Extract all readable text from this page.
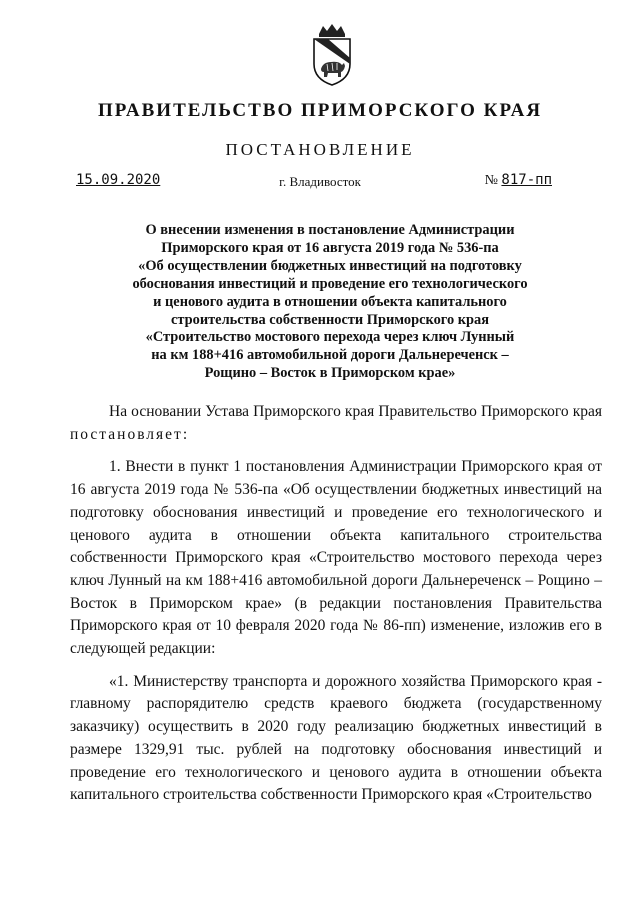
ПРАВИТЕЛЬСТВО ПРИМОРСКОГО КРАЯ
ПОСТАНОВЛЕНИЕ
15.09.2020	г. Владивосток	№ 817-пп
О внесении изменения в постановление Администрации
Приморского края от 16 августа 2019 года № 536-па
«Об осуществлении бюджетных инвестиций на подготовку
обоснования инвестиций и проведение его технологического
и ценового аудита в отношении объекта капитального
строительства собственности Приморского края
«Строительство мостового перехода через ключ Лунный
на км 188+416 автомобильной дороги Дальнереченск –
Рощино – Восток в Приморском крае»

На основании Устава Приморского края Правительство Приморского края постановляет:

1. Внести в пункт 1 постановления Администрации Приморского края от 16 августа 2019 года № 536-па «Об осуществлении бюджетных инвестиций на подготовку обоснования инвестиций и проведение его технологического и ценового аудита в отношении объекта капитального строительства собственности Приморского края «Строительство мостового перехода через ключ Лунный на км 188+416 автомобильной дороги Дальнереченск – Рощино – Восток в Приморском крае» (в редакции постановления Правительства Приморского края от 10 февраля 2020 года № 86-пп) изменение, изложив его в следующей редакции:

«1. Министерству транспорта и дорожного хозяйства Приморского края - главному распорядителю средств краевого бюджета (государственному заказчику) осуществить в 2020 году реализацию бюджетных инвестиций в размере 1329,91 тыс. рублей на подготовку обоснования инвестиций и проведение его технологического и ценового аудита в отношении объекта капитального строительства собственности Приморского края «Строительство
